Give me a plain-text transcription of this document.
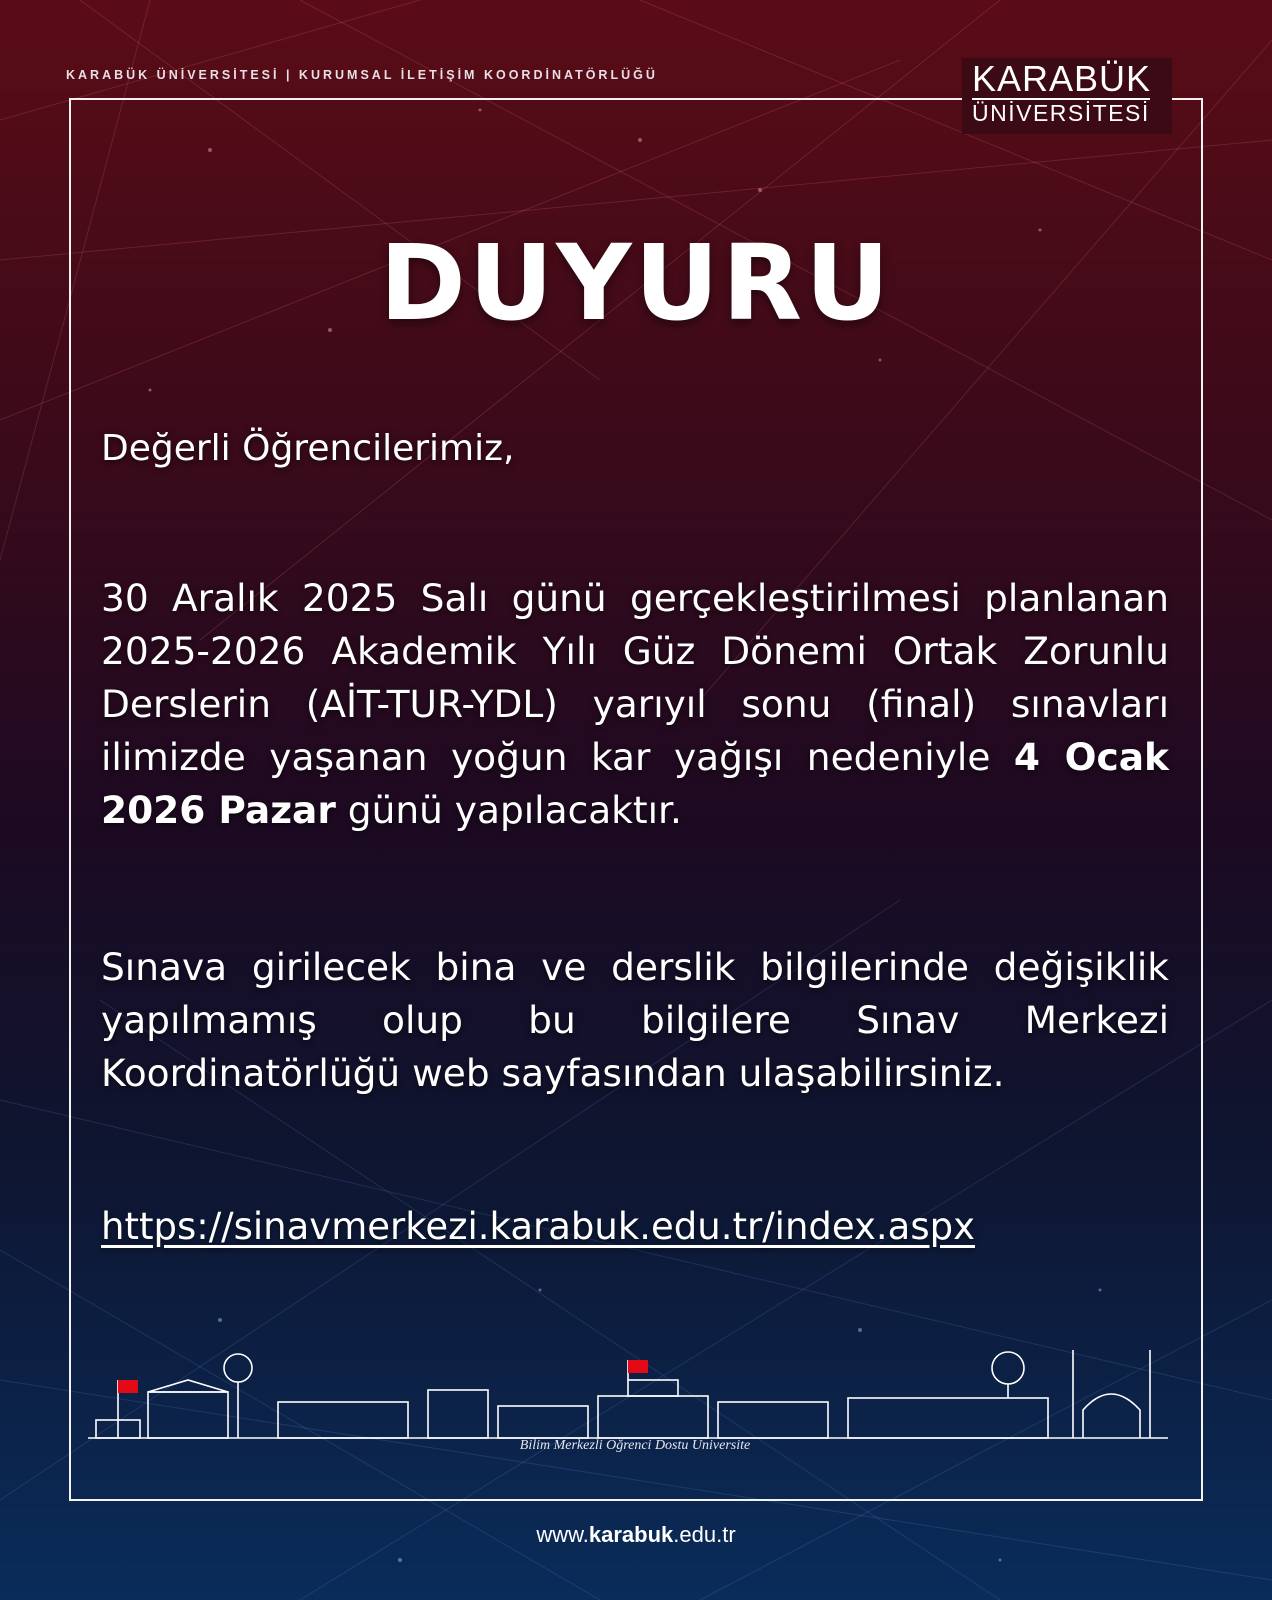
KARABÜK ÜNİVERSİTESİ | KURUMSAL İLETİŞİM KOORDİNATÖRLÜĞÜ	KARABÜK
ÜNİVERSİTESİ
DUYURU
Değerli Öğrencilerimiz,
30 Aralık 2025 Salı günü gerçekleştirilmesi planlanan 2025-2026 Akademik Yılı Güz Dönemi Ortak Zorunlu Derslerin (AİT-TUR-YDL) yarıyıl sonu (final) sınavları ilimizde yaşanan yoğun kar yağışı nedeniyle 4 Ocak 2026 Pazar günü yapılacaktır.
Sınava girilecek bina ve derslik bilgilerinde değişiklik yapılmamış olup bu bilgilere Sınav Merkezi Koordinatörlüğü web sayfasından ulaşabilirsiniz.
https://sinavmerkezi.karabuk.edu.tr/index.aspx
Bilim Merkezli Öğrenci Dostu Üniversite
www.karabuk.edu.tr
